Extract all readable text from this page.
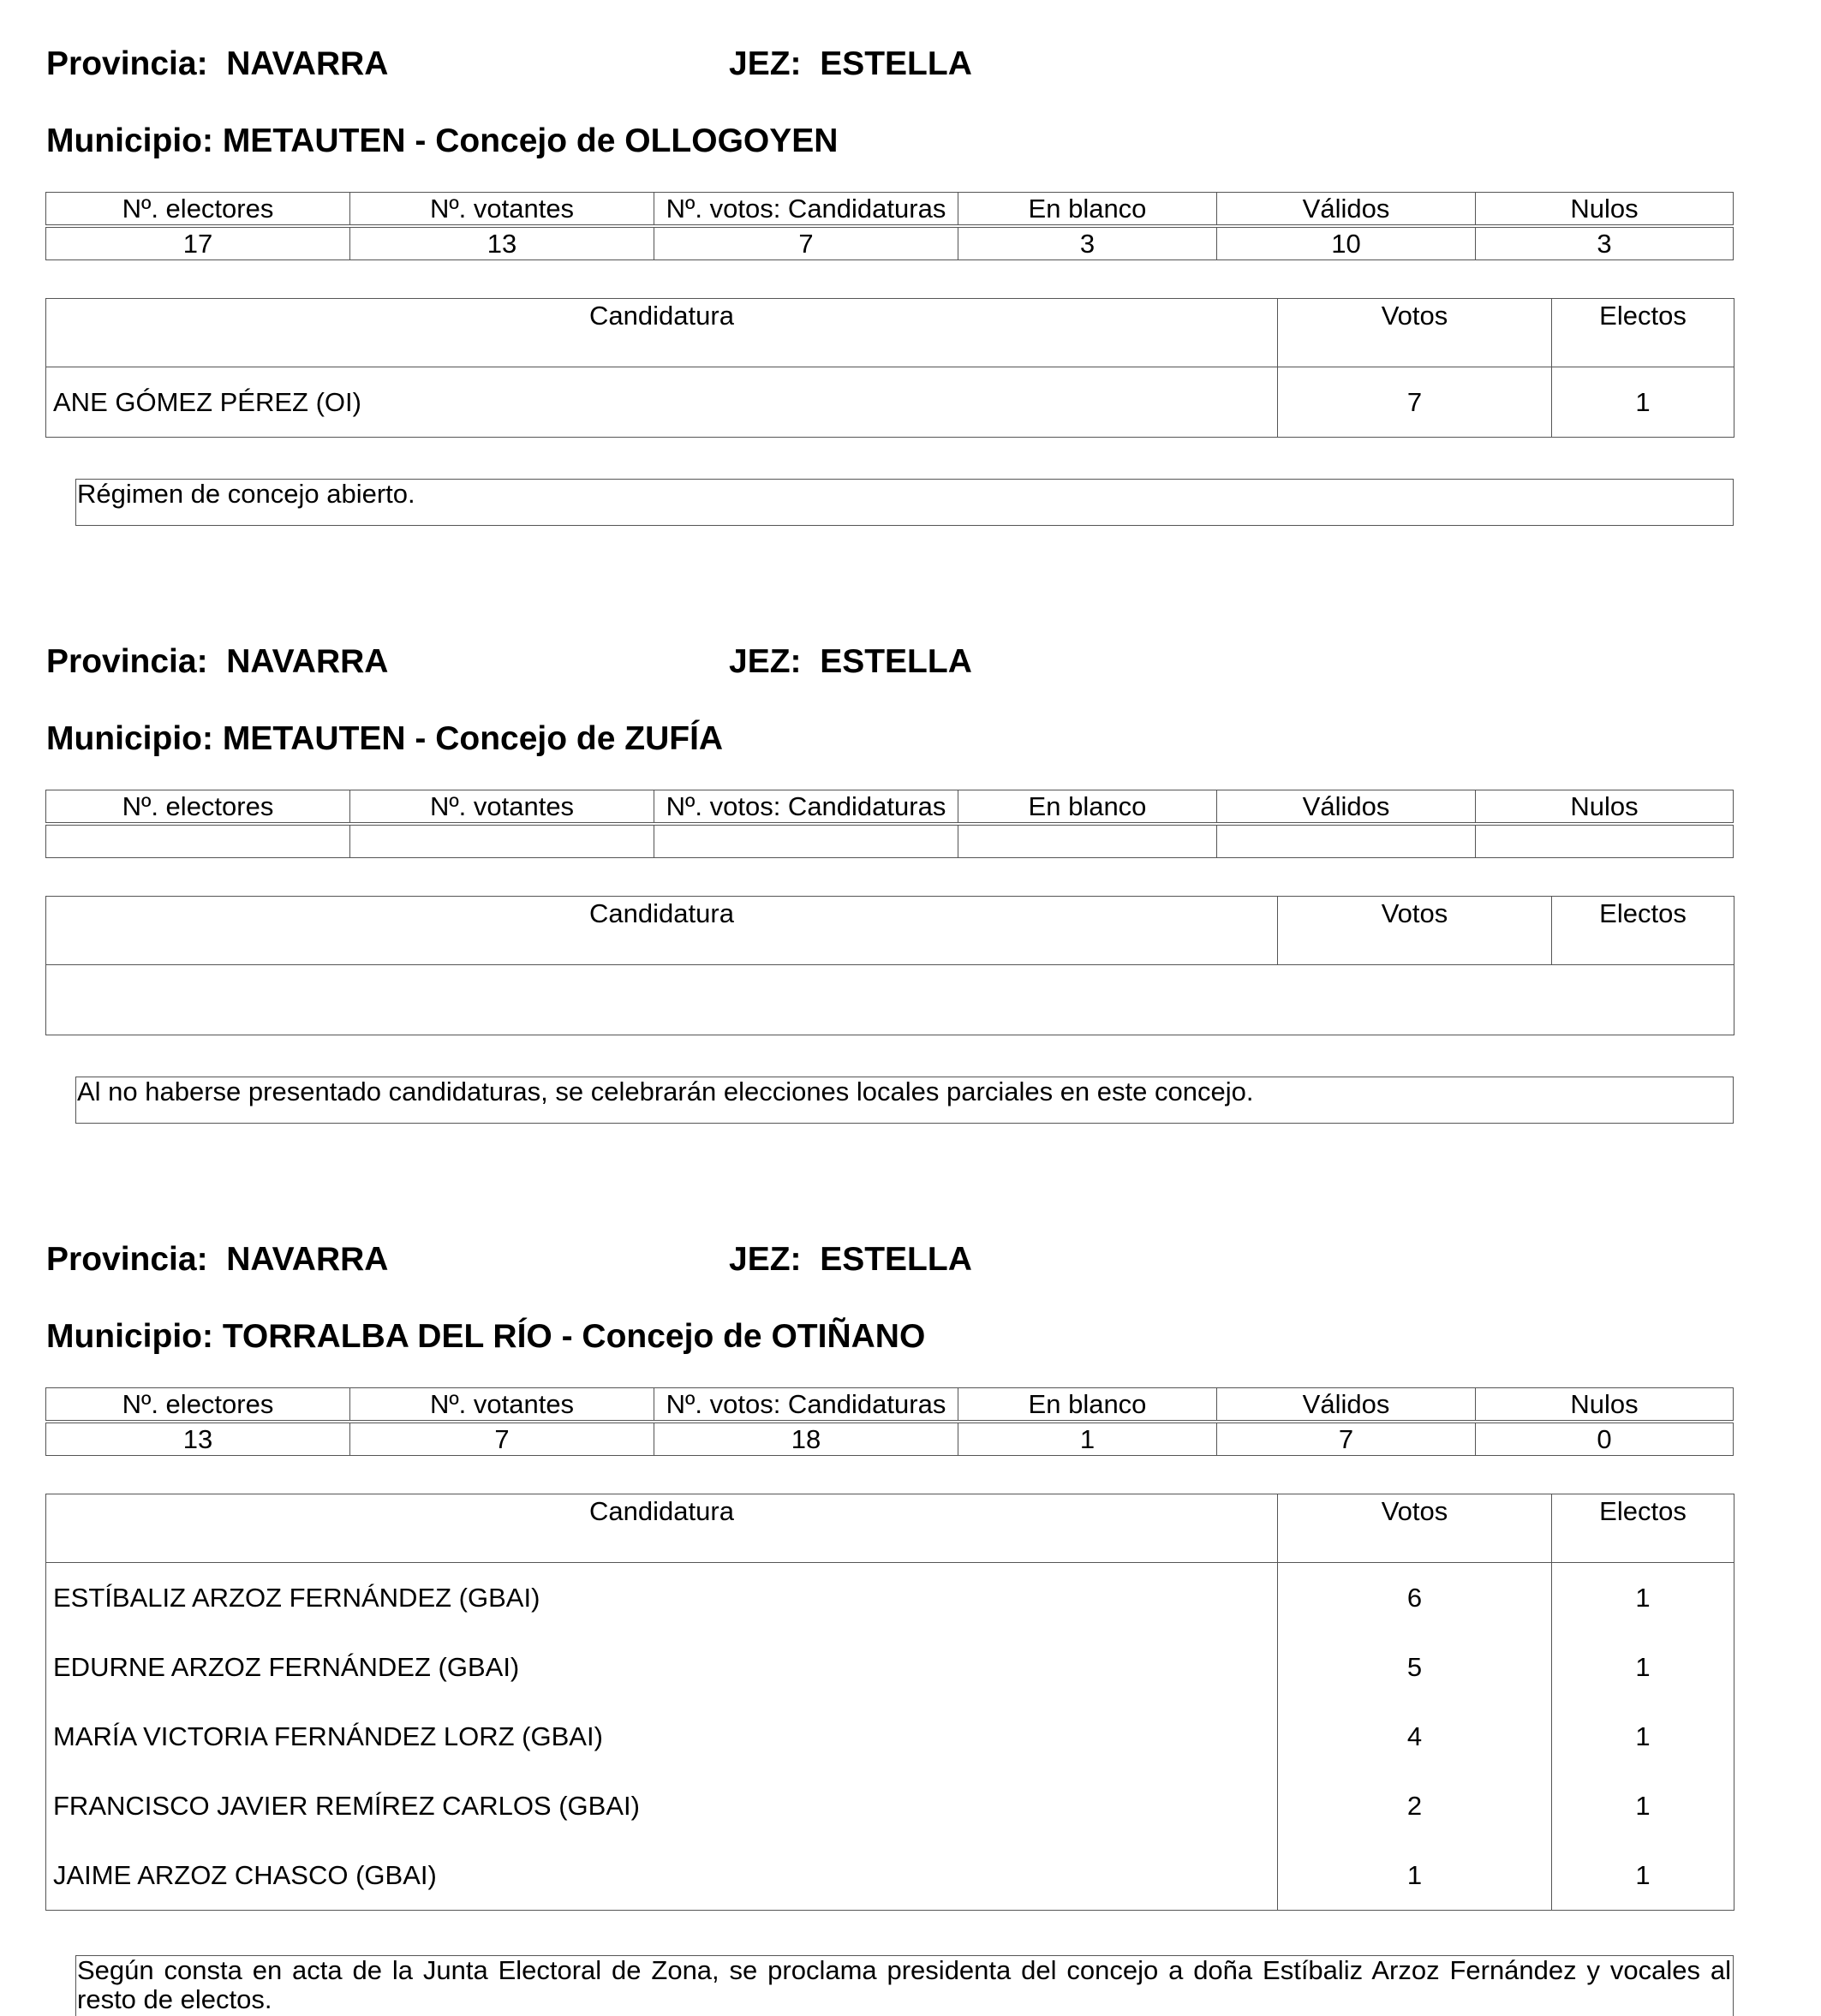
Provincia: NAVARRA	JEZ: ESTELLA
Municipio: METAUTEN - Concejo de OLLOGOYEN
Nº. electores	Nº. votantes	Nº. votos: Candidaturas	En blanco	Válidos	Nulos
17	13	7	3	10	3
Candidatura	Votos	Electos
ANE GÓMEZ PÉREZ (OI)	7	1
Régimen de concejo abierto.
Provincia: NAVARRA	JEZ: ESTELLA
Municipio: METAUTEN - Concejo de ZUFÍA
Nº. electores	Nº. votantes	Nº. votos: Candidaturas	En blanco	Válidos	Nulos

Candidatura	Votos	Electos

Al no haberse presentado candidaturas, se celebrarán elecciones locales parciales en este concejo.
Provincia: NAVARRA	JEZ: ESTELLA
Municipio: TORRALBA DEL RÍO - Concejo de OTIÑANO
Nº. electores	Nº. votantes	Nº. votos: Candidaturas	En blanco	Válidos	Nulos
13	7	18	1	7	0
Candidatura	Votos	Electos
ESTÍBALIZ ARZOZ FERNÁNDEZ (GBAI)	6	1
EDURNE ARZOZ FERNÁNDEZ (GBAI)	5	1
MARÍA VICTORIA FERNÁNDEZ LORZ (GBAI)	4	1
FRANCISCO JAVIER REMÍREZ CARLOS (GBAI)	2	1
JAIME ARZOZ CHASCO (GBAI)	1	1
Según consta en acta de la Junta Electoral de Zona, se proclama presidenta del concejo a doña Estíbaliz Arzoz Fernández y vocales al resto de electos.
